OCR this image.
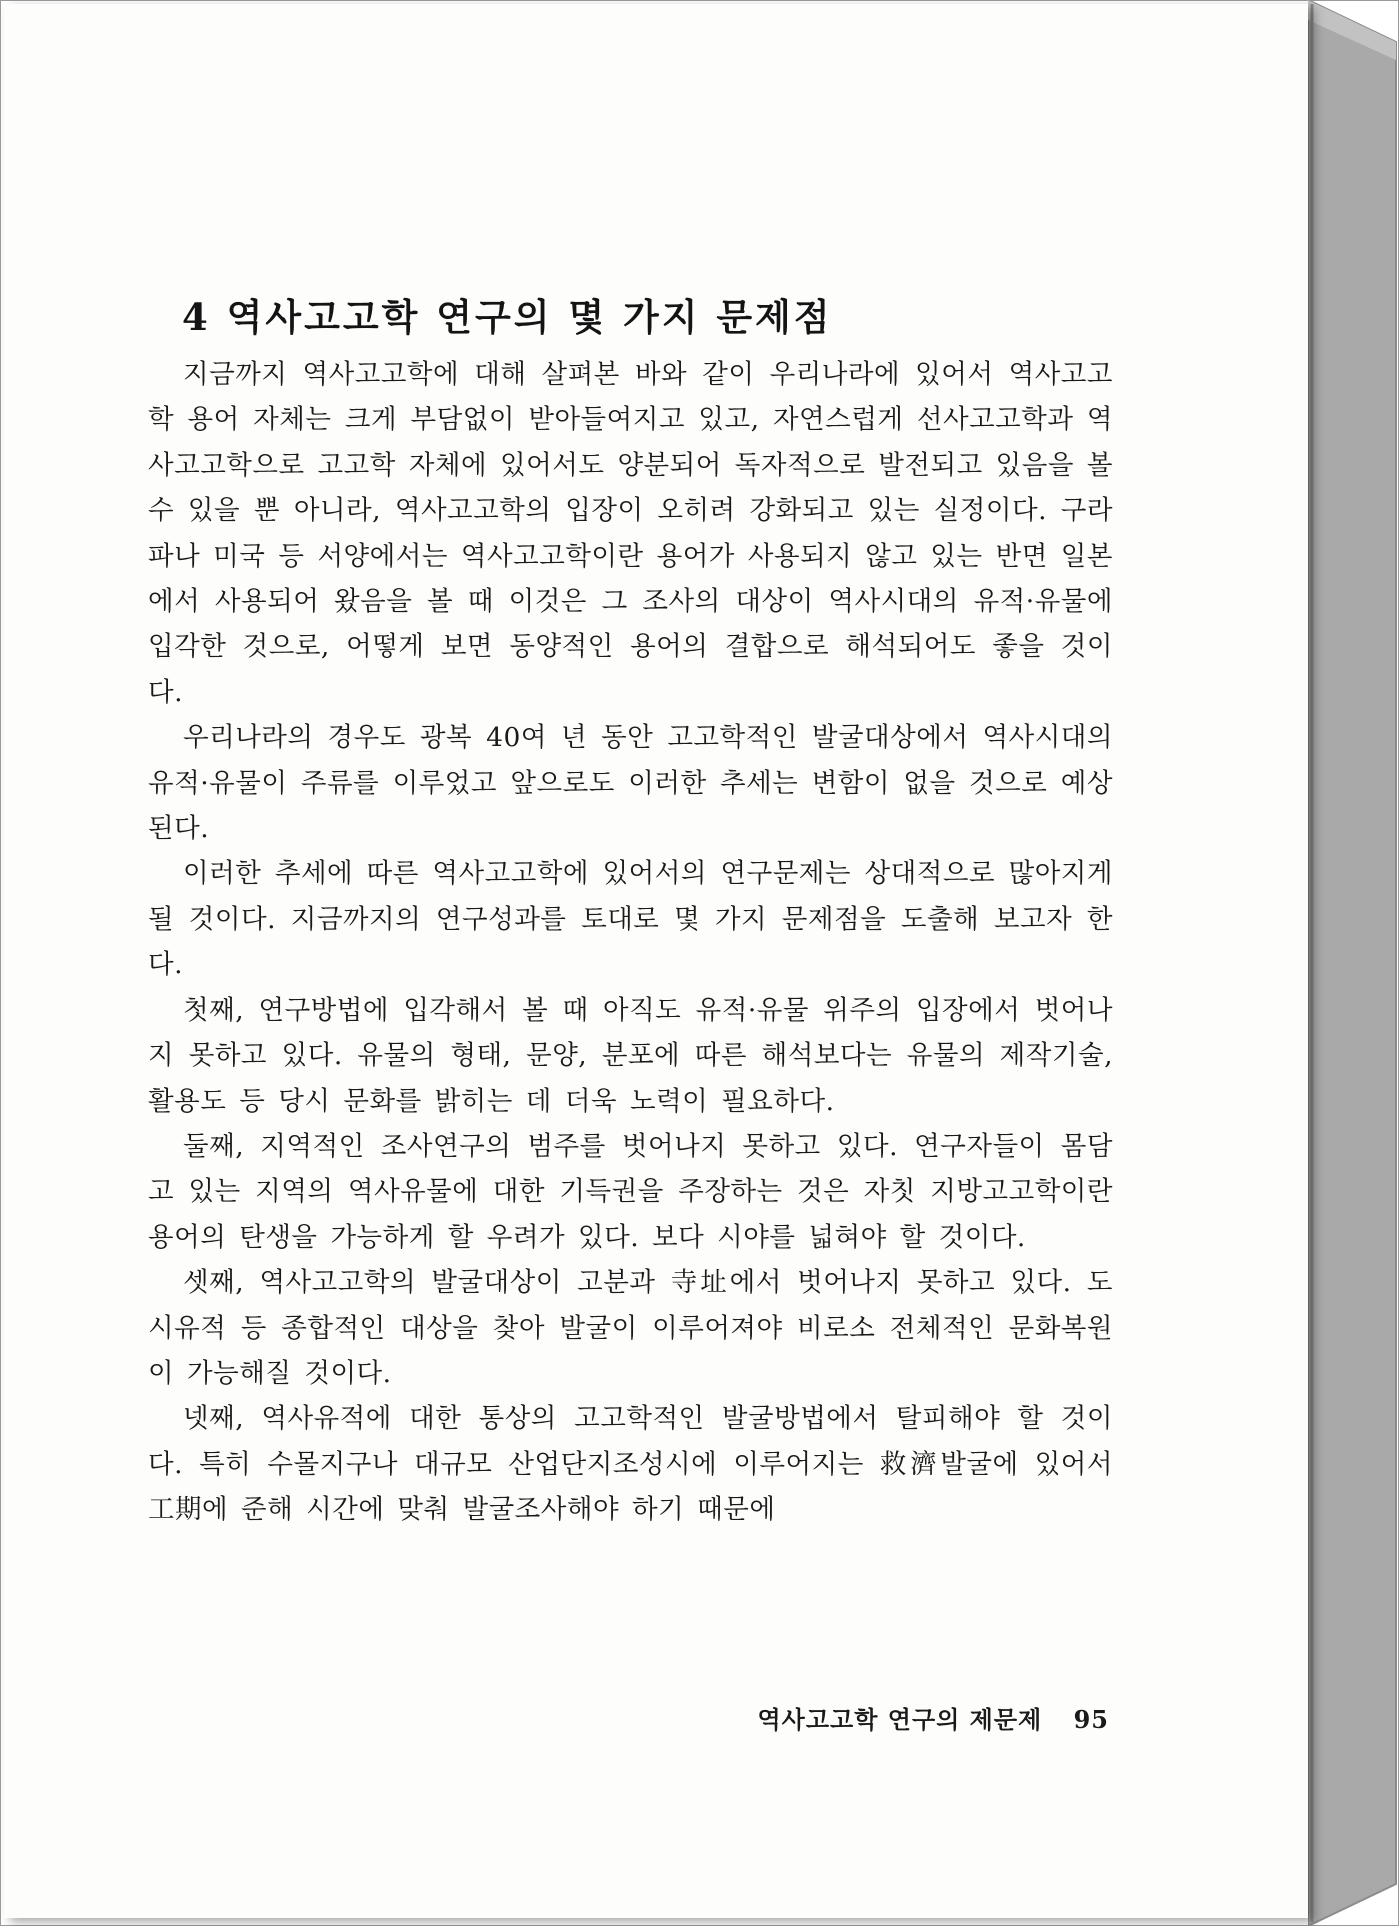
4 역사고고학 연구의 몇 가지 문제점

지금까지 역사고고학에 대해 살펴본 바와 같이 우리나라에 있어서 역사고고학 용어 자체는 크게 부담없이 받아들여지고 있고, 자연스럽게 선사고고학과 역사고고학으로 고고학 자체에 있어서도 양분되어 독자적으로 발전되고 있음을 볼 수 있을 뿐 아니라, 역사고고학의 입장이 오히려 강화되고 있는 실정이다. 구라파나 미국 등 서양에서는 역사고고학이란 용어가 사용되지 않고 있는 반면 일본에서 사용되어 왔음을 볼 때 이것은 그 조사의 대상이 역사시대의 유적·유물에 입각한 것으로, 어떻게 보면 동양적인 용어의 결합으로 해석되어도 좋을 것이다.

우리나라의 경우도 광복 40여 년 동안 고고학적인 발굴대상에서 역사시대의 유적·유물이 주류를 이루었고 앞으로도 이러한 추세는 변함이 없을 것으로 예상된다.

이러한 추세에 따른 역사고고학에 있어서의 연구문제는 상대적으로 많아지게 될 것이다. 지금까지의 연구성과를 토대로 몇 가지 문제점을 도출해 보고자 한다.

첫째, 연구방법에 입각해서 볼 때 아직도 유적·유물 위주의 입장에서 벗어나지 못하고 있다. 유물의 형태, 문양, 분포에 따른 해석보다는 유물의 제작기술, 활용도 등 당시 문화를 밝히는 데 더욱 노력이 필요하다.

둘째, 지역적인 조사연구의 범주를 벗어나지 못하고 있다. 연구자들이 몸담고 있는 지역의 역사유물에 대한 기득권을 주장하는 것은 자칫 지방고고학이란 용어의 탄생을 가능하게 할 우려가 있다. 보다 시야를 넓혀야 할 것이다.

셋째, 역사고고학의 발굴대상이 고분과 寺址에서 벗어나지 못하고 있다. 도시유적 등 종합적인 대상을 찾아 발굴이 이루어져야 비로소 전체적인 문화복원이 가능해질 것이다.

넷째, 역사유적에 대한 통상의 고고학적인 발굴방법에서 탈피해야 할 것이다. 특히 수몰지구나 대규모 산업단지조성시에 이루어지는 救濟발굴에 있어서 工期에 준해 시간에 맞춰 발굴조사해야 하기 때문에

역사고고학 연구의 제문제 95
